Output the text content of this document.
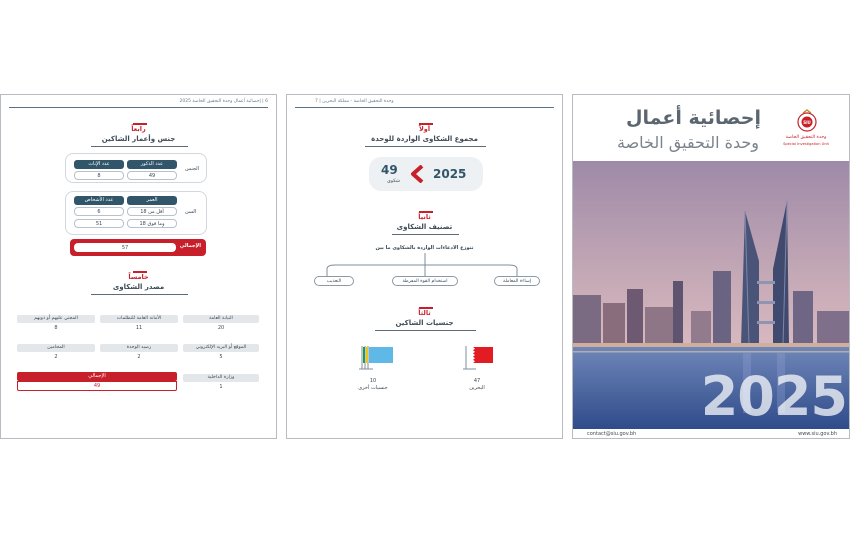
6 | إحصائية أعمال وحدة التحقيق الخاصة 2025
رابعاً
جنس وأعمار الشاكين
عدد الذكور
عدد الإناث
49
8
الجنس
العمر
عدد الأشخاص
أقل من 18
6
18 وما فوق
51
السن
57	الإجمالي
خامساً
مصدر الشكاوى
النيابة العامة
20
الأمانة العامة للتظلمات
11
المجني عليهم أو ذويهم
8
الموقع أو البريد الإلكتروني
5
رصيد الوحدة
2
المحامين
2
وزارة الداخلية
1
الإجمالي
49
وحدة التحقيق الخاصة - مملكة البحرين | 7
أولاً
مجموع الشكاوى الواردة للوحدة
2025
49
شكوى
ثانياً
تصنيف الشكاوى
تتوزع الادعاءات الواردة بالشكاوى ما بين
إساءة المعاملة
استخدام القوة المفرطة
التعذيب
ثالثاً
جنسيات الشاكين
47
البحرين
10
جنسيات أخرى
SIU
وحدة التحقيق الخاصة
Special Investigation Unit
إحصائية أعمال
وحدة التحقيق الخاصة
2025
contact@siu.gov.bh	www.siu.gov.bh
